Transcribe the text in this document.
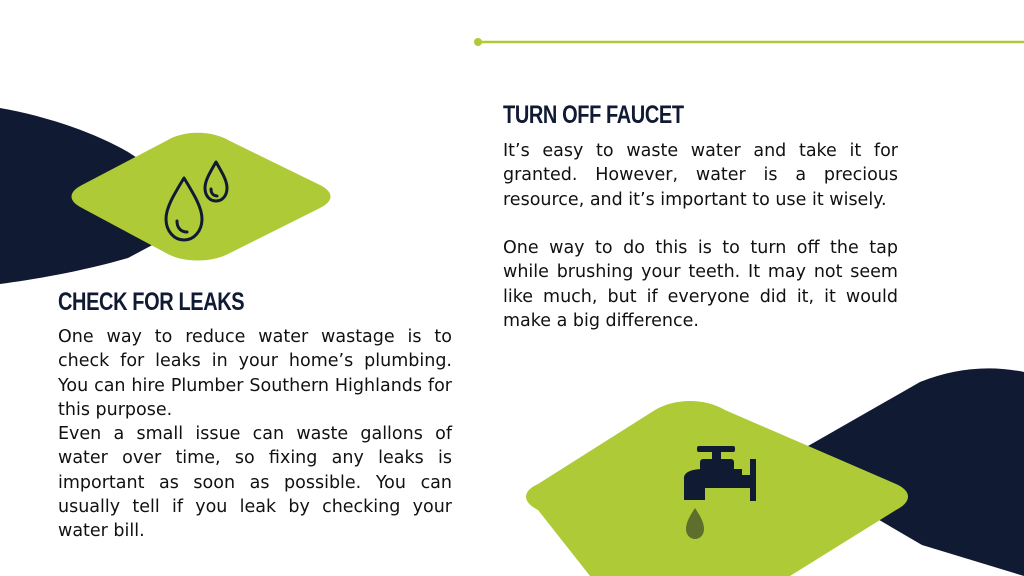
TURN OFF FAUCET

It’s easy to waste water and take it for granted. However, water is a precious resource, and it’s important to use it wisely.

One way to do this is to turn off the tap while brushing your teeth. It may not seem like much, but if everyone did it, it would make a big difference.

CHECK FOR LEAKS

One way to reduce water wastage is to check for leaks in your home’s plumbing. You can hire Plumber Southern Highlands for this purpose.

Even a small issue can waste gallons of water over time, so fixing any leaks is important as soon as possible. You can usually tell if you leak by checking your water bill.
